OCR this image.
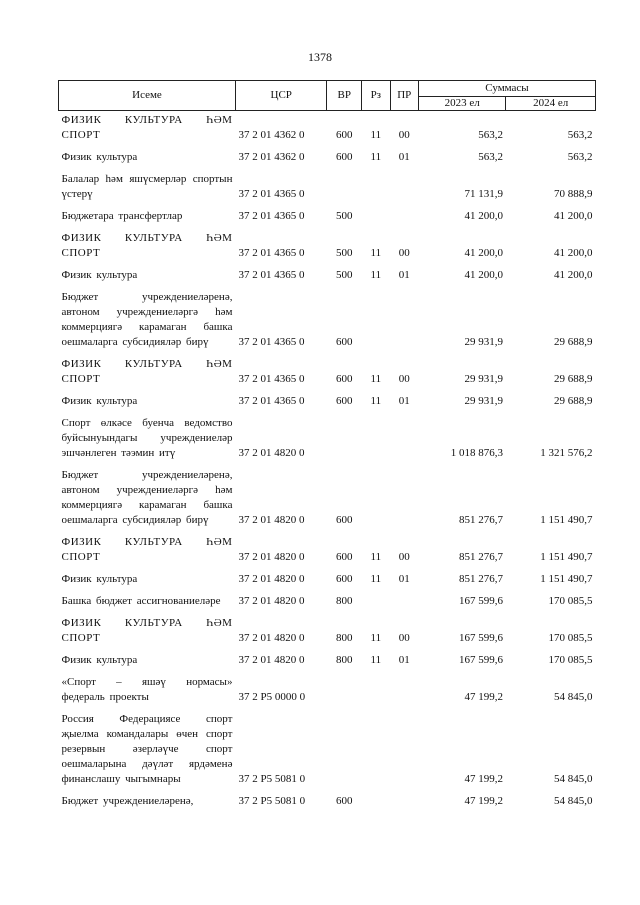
1378
Исеме	ЦСР	ВР	Рз	ПР	Суммасы	
					2023 ел	2024 ел
ФИЗИК КУЛЬТУРА ҺӘМ СПОРТ	37 2 01 4362 0	600	11	00	563,2	563,2
Физик культура	37 2 01 4362 0	600	11	01	563,2	563,2
Балалар һәм яшүсмерләр спортын үстерү	37 2 01 4365 0				71 131,9	70 888,9
Бюджетара трансфертлар	37 2 01 4365 0	500			41 200,0	41 200,0
ФИЗИК КУЛЬТУРА ҺӘМ СПОРТ	37 2 01 4365 0	500	11	00	41 200,0	41 200,0
Физик культура	37 2 01 4365 0	500	11	01	41 200,0	41 200,0
Бюджет учреждениеләренә, автоном учреждениеләргә һәм коммерциягә карамаган башка оешмаларга субсидияләр бирү	37 2 01 4365 0	600			29 931,9	29 688,9
ФИЗИК КУЛЬТУРА ҺӘМ СПОРТ	37 2 01 4365 0	600	11	00	29 931,9	29 688,9
Физик культура	37 2 01 4365 0	600	11	01	29 931,9	29 688,9
Спорт өлкәсе буенча ведомство буйсынуындагы учреждениеләр эшчәнлеген тәэмин итү	37 2 01 4820 0				1 018 876,3	1 321 576,2
Бюджет учреждениеләренә, автоном учреждениеләргә һәм коммерциягә карамаган башка оешмаларга субсидияләр бирү	37 2 01 4820 0	600			851 276,7	1 151 490,7
ФИЗИК КУЛЬТУРА ҺӘМ СПОРТ	37 2 01 4820 0	600	11	00	851 276,7	1 151 490,7
Физик культура	37 2 01 4820 0	600	11	01	851 276,7	1 151 490,7
Башка бюджет ассигнованиеләре	37 2 01 4820 0	800			167 599,6	170 085,5
ФИЗИК КУЛЬТУРА ҺӘМ СПОРТ	37 2 01 4820 0	800	11	00	167 599,6	170 085,5
Физик культура	37 2 01 4820 0	800	11	01	167 599,6	170 085,5
«Спорт – яшәү нормасы» федераль проекты	37 2 Р5 0000 0				47 199,2	54 845,0
Россия Федерациясе спорт җыелма командалары өчен спорт резервын әзерләүче спорт оешмаларына дәүләт ярдәменә финанслашу чыгымнары	37 2 Р5 5081 0				47 199,2	54 845,0
Бюджет учреждениеләренә,	37 2 Р5 5081 0	600			47 199,2	54 845,0
